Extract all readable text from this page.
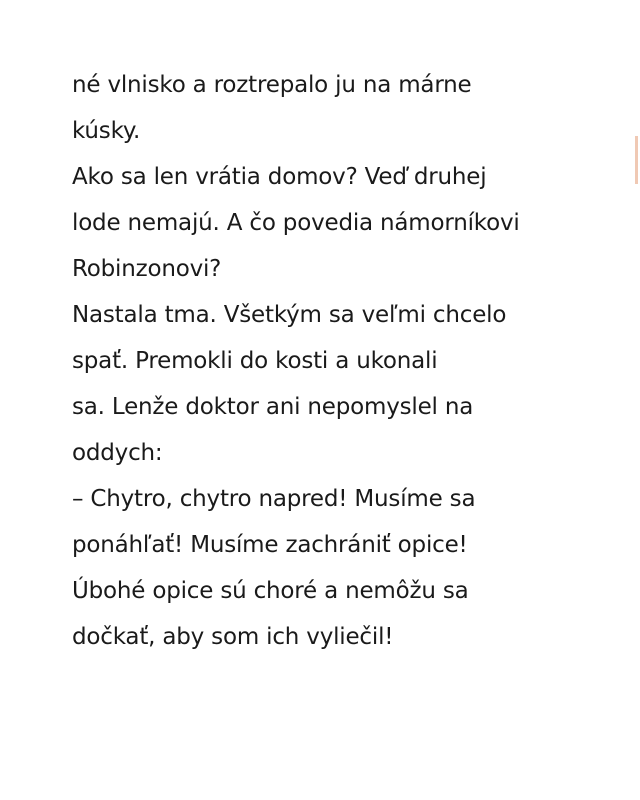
né vlnisko a roztrepalo ju na márne
kúsky.
Ako sa len vrátia domov? Veď druhej
lode nemajú. A čo povedia námorníkovi
Robinzonovi?
Nastala tma. Všetkým sa veľmi chcelo
spať. Premokli do kosti a ukonali
sa. Lenže doktor ani nepomyslel na
oddych:
– Chytro, chytro napred! Musíme sa
ponáhľať! Musíme zachrániť opice!
Úbohé opice sú choré a nemôžu sa
dočkať, aby som ich vyliečil!
